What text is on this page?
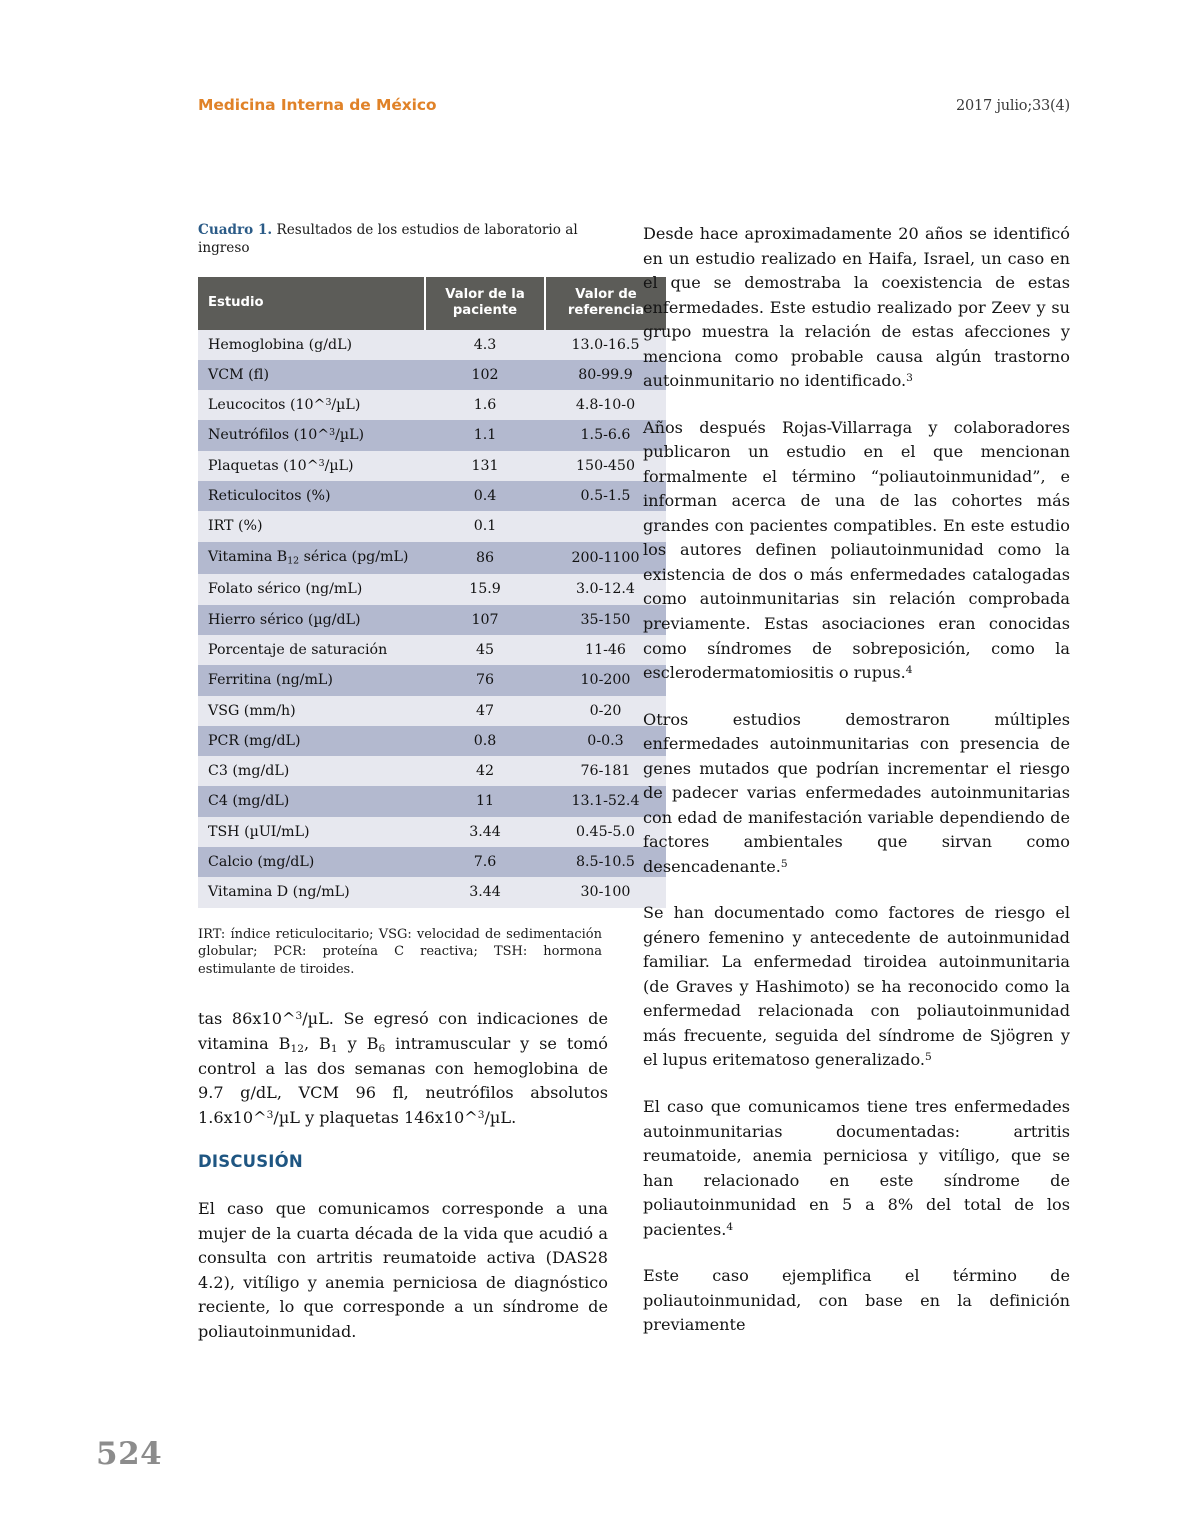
Medicina Interna de México	2017 julio;33(4)

Cuadro 1. Resultados de los estudios de laboratorio al ingreso

Estudio	Valor de la paciente	Valor de referencia
Hemoglobina (g/dL)	4.3	13.0-16.5
VCM (fl)	102	80-99.9
Leucocitos (10^$^3$/µL)	1.6	4.8-10-0
Neutrófilos (10^$^3$/µL)	1.1	1.5-6.6
Plaquetas (10^$^3$/µL)	131	150-450
Reticulocitos (%)	0.4	0.5-1.5
IRT (%)	0.1	
Vitamina $B_{12}$ sérica (pg/mL)	86	200-1100
Folato sérico (ng/mL)	15.9	3.0-12.4
Hierro sérico (µg/dL)	107	35-150
Porcentaje de saturación	45	11-46
Ferritina (ng/mL)	76	10-200
VSG (mm/h)	47	0-20
PCR (mg/dL)	0.8	0-0.3
C3 (mg/dL)	42	76-181
C4 (mg/dL)	11	13.1-52.4
TSH (µUI/mL)	3.44	0.45-5.0
Calcio (mg/dL)	7.6	8.5-10.5
Vitamina D (ng/mL)	3.44	30-100

IRT: índice reticulocitario; VSG: velocidad de sedimentación globular; PCR: proteína C reactiva; TSH: hormona estimulante de tiroides.

tas 86x10^$^3$/µL. Se egresó con indicaciones de vitamina $B_{12}$, $B_1$ y $B_6$ intramuscular y se tomó control a las dos semanas con hemoglobina de 9.7 g/dL, VCM 96 fl, neutrófilos absolutos 1.6x10^$^3$/µL y plaquetas 146x10^$^3$/µL.

DISCUSIÓN

El caso que comunicamos corresponde a una mujer de la cuarta década de la vida que acudió a consulta con artritis reumatoide activa (DAS28 4.2), vitíligo y anemia perniciosa de diagnóstico reciente, lo que corresponde a un síndrome de poliautoinmunidad.

Desde hace aproximadamente 20 años se identificó en un estudio realizado en Haifa, Israel, un caso en el que se demostraba la coexistencia de estas enfermedades. Este estudio realizado por Zeev y su grupo muestra la relación de estas afecciones y menciona como probable causa algún trastorno autoinmunitario no identificado.$^3$

Años después Rojas-Villarraga y colaboradores publicaron un estudio en el que mencionan formalmente el término “poliautoinmunidad”, e informan acerca de una de las cohortes más grandes con pacientes compatibles. En este estudio los autores definen poliautoinmunidad como la existencia de dos o más enfermedades catalogadas como autoinmunitarias sin relación comprobada previamente. Estas asociaciones eran conocidas como síndromes de sobreposición, como la esclerodermatomiositis o rupus.$^4$

Otros estudios demostraron múltiples enfermedades autoinmunitarias con presencia de genes mutados que podrían incrementar el riesgo de padecer varias enfermedades autoinmunitarias con edad de manifestación variable dependiendo de factores ambientales que sirvan como desencadenante.$^5$

Se han documentado como factores de riesgo el género femenino y antecedente de autoinmunidad familiar. La enfermedad tiroidea autoinmunitaria (de Graves y Hashimoto) se ha reconocido como la enfermedad relacionada con poliautoinmunidad más frecuente, seguida del síndrome de Sjögren y el lupus eritematoso generalizado.$^5$

El caso que comunicamos tiene tres enfermedades autoinmunitarias documentadas: artritis reumatoide, anemia perniciosa y vitíligo, que se han relacionado en este síndrome de poliautoinmunidad en 5 a 8% del total de los pacientes.$^4$

Este caso ejemplifica el término de poliautoinmunidad, con base en la definición previamente

524
